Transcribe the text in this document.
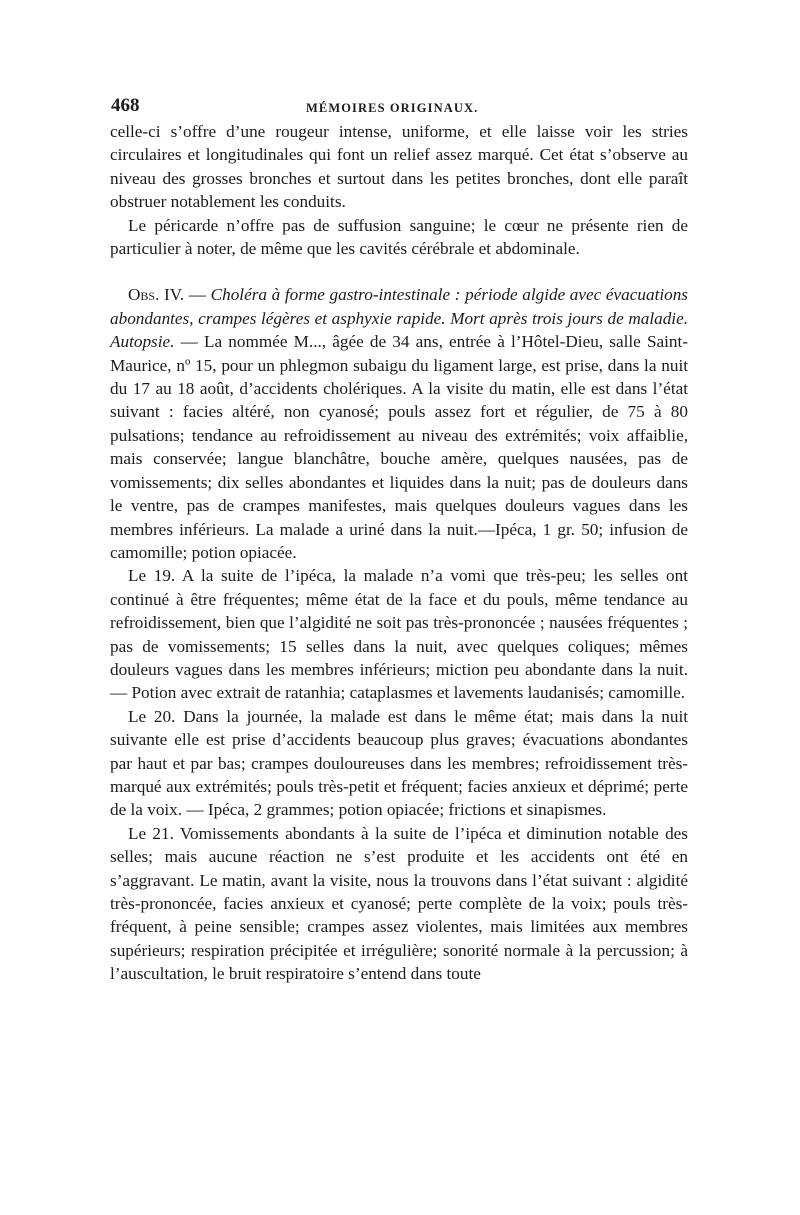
468	MÉMOIRES ORIGINAUX.

celle-ci s’offre d’une rougeur intense, uniforme, et elle laisse voir les stries circulaires et longitudinales qui font un relief assez marqué. Cet état s’observe au niveau des grosses bronches et surtout dans les petites bronches, dont elle paraît obstruer notablement les conduits.

Le péricarde n’offre pas de suffusion sanguine; le cœur ne présente rien de particulier à noter, de même que les cavités cérébrale et abdominale.

Obs. IV. — Choléra à forme gastro-intestinale : période algide avec évacuations abondantes, crampes légères et asphyxie rapide. Mort après trois jours de maladie. Autopsie. — La nommée M..., âgée de 34 ans, entrée à l’Hôtel-Dieu, salle Saint-Maurice, nº 15, pour un phlegmon subaigu du ligament large, est prise, dans la nuit du 17 au 18 août, d’accidents cholériques. A la visite du matin, elle est dans l’état suivant : facies altéré, non cyanosé; pouls assez fort et régulier, de 75 à 80 pulsations; tendance au refroidissement au niveau des extrémités; voix affaiblie, mais conservée; langue blanchâtre, bouche amère, quelques nausées, pas de vomissements; dix selles abondantes et liquides dans la nuit; pas de douleurs dans le ventre, pas de crampes manifestes, mais quelques douleurs vagues dans les membres inférieurs. La malade a uriné dans la nuit.—Ipéca, 1 gr. 50; infusion de camomille; potion opiacée.

Le 19. A la suite de l’ipéca, la malade n’a vomi que très-peu; les selles ont continué à être fréquentes; même état de la face et du pouls, même tendance au refroidissement, bien que l’algidité ne soit pas très-prononcée ; nausées fréquentes ; pas de vomissements; 15 selles dans la nuit, avec quelques coliques; mêmes douleurs vagues dans les membres inférieurs; miction peu abondante dans la nuit. — Potion avec extrait de ratanhia; cataplasmes et lavements laudanisés; camomille.

Le 20. Dans la journée, la malade est dans le même état; mais dans la nuit suivante elle est prise d’accidents beaucoup plus graves; évacuations abondantes par haut et par bas; crampes douloureuses dans les membres; refroidissement très-marqué aux extrémités; pouls très-petit et fréquent; facies anxieux et déprimé; perte de la voix. — Ipéca, 2 grammes; potion opiacée; frictions et sinapismes.

Le 21. Vomissements abondants à la suite de l’ipéca et diminution notable des selles; mais aucune réaction ne s’est produite et les accidents ont été en s’aggravant. Le matin, avant la visite, nous la trouvons dans l’état suivant : algidité très-prononcée, facies anxieux et cyanosé; perte complète de la voix; pouls très-fréquent, à peine sensible; crampes assez violentes, mais limitées aux membres supérieurs; respiration précipitée et irrégulière; sonorité normale à la percussion; à l’auscultation, le bruit respiratoire s’entend dans toute
